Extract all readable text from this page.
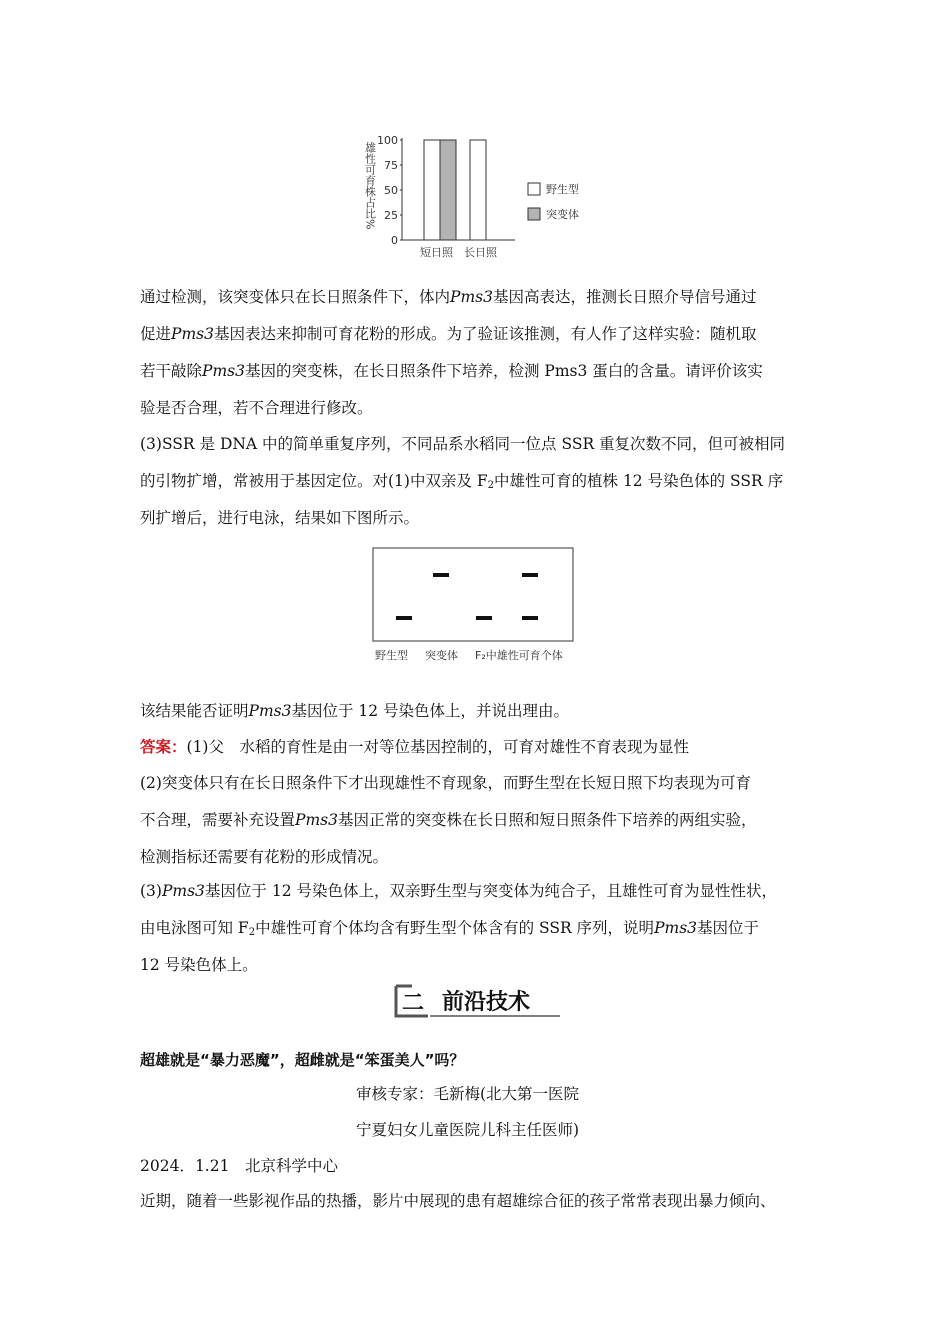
雄性可育株占比%
100
75
50
25
0
短日照 长日照
野生型
突变体
通过检测，该突变体只在长日照条件下，体内Pms3基因高表达，推测长日照介导信号通过
促进Pms3基因表达来抑制可育花粉的形成。为了验证该推测，有人作了这样实验：随机取
若干敲除Pms3基因的突变株，在长日照条件下培养，检测 Pms3 蛋白的含量。请评价该实
验是否合理，若不合理进行修改。
(3)SSR 是 DNA 中的简单重复序列，不同品系水稻同一位点 SSR 重复次数不同，但可被相同
的引物扩增，常被用于基因定位。对(1)中双亲及 $F_2$中雄性可育的植株 12 号染色体的 SSR 序
列扩增后，进行电泳，结果如下图所示。
野生型 突变体 F₂中雄性可育个体
该结果能否证明Pms3基因位于 12 号染色体上，并说出理由。
答案：(1)父　水稻的育性是由一对等位基因控制的，可育对雄性不育表现为显性
(2)突变体只有在长日照条件下才出现雄性不育现象，而野生型在长短日照下均表现为可育
不合理，需要补充设置Pms3基因正常的突变株在长日照和短日照条件下培养的两组实验，
检测指标还需要有花粉的形成情况。
(3)Pms3基因位于 12 号染色体上，双亲野生型与突变体为纯合子，且雄性可育为显性性状，
由电泳图可知 $F_2$中雄性可育个体均含有野生型个体含有的 SSR 序列，说明Pms3基因位于
12 号染色体上。
二 前沿技术
超雄就是“暴力恶魔”，超雌就是“笨蛋美人”吗？
审核专家：毛新梅(北大第一医院
宁夏妇女儿童医院儿科主任医师)
2024．1.21　北京科学中心
近期，随着一些影视作品的热播，影片中展现的患有超雄综合征的孩子常常表现出暴力倾向、
